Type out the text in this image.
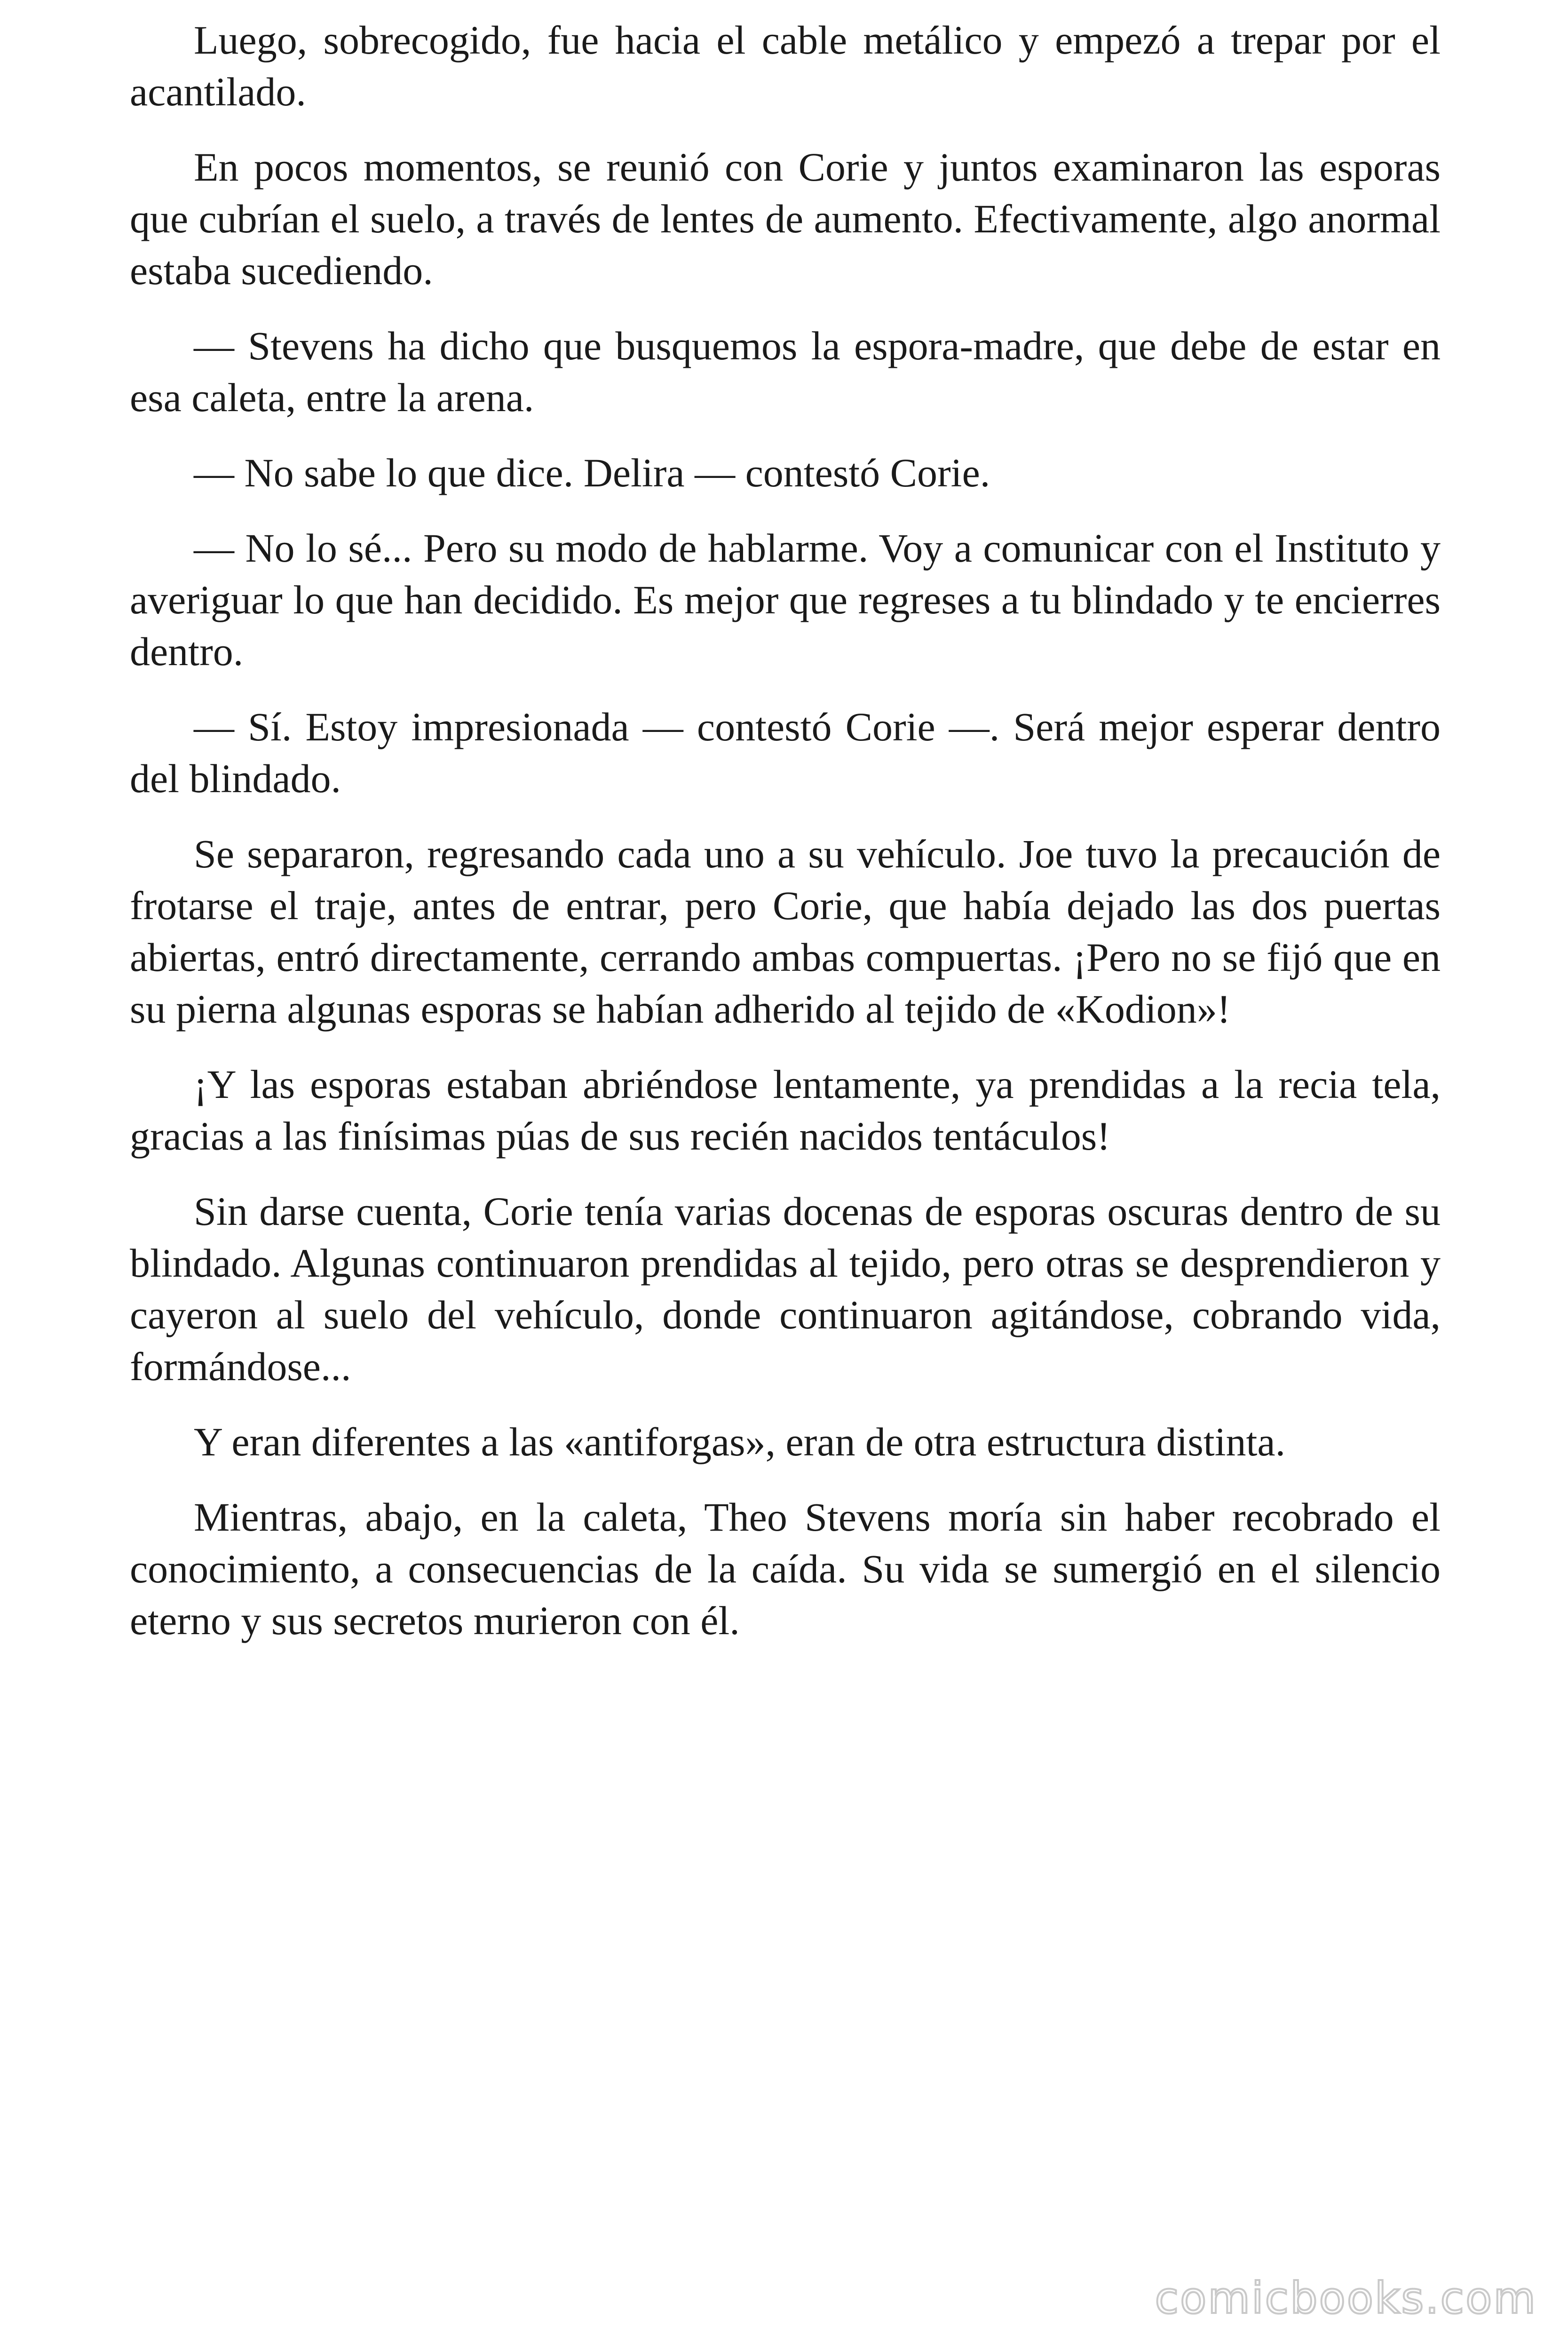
Luego, sobrecogido, fue hacia el cable metálico y empezó a trepar por el acantilado.

En pocos momentos, se reunió con Corie y juntos examinaron las esporas que cubrían el suelo, a través de lentes de aumento. Efectivamente, algo anormal estaba sucediendo.

— Stevens ha dicho que busquemos la espora-madre, que debe de estar en esa caleta, entre la arena.

— No sabe lo que dice. Delira — contestó Corie.

— No lo sé... Pero su modo de hablarme. Voy a comunicar con el Instituto y averiguar lo que han decidido. Es mejor que regreses a tu blindado y te encierres dentro.

— Sí. Estoy impresionada — contestó Corie —. Será mejor esperar dentro del blindado.

Se separaron, regresando cada uno a su vehículo. Joe tuvo la precaución de frotarse el traje, antes de entrar, pero Corie, que había dejado las dos puertas abiertas, entró directamente, cerrando ambas compuertas. ¡Pero no se fijó que en su pierna algunas esporas se habían adherido al tejido de «Kodion»!

¡Y las esporas estaban abriéndose lentamente, ya prendidas a la recia tela, gracias a las finísimas púas de sus recién nacidos tentáculos!

Sin darse cuenta, Corie tenía varias docenas de esporas oscuras dentro de su blindado. Algunas continuaron prendidas al tejido, pero otras se desprendieron y cayeron al suelo del vehículo, donde continuaron agitándose, cobrando vida, formándose...

Y eran diferentes a las «antiforgas», eran de otra estructura distinta.

Mientras, abajo, en la caleta, Theo Stevens moría sin haber recobrado el conocimiento, a consecuencias de la caída. Su vida se sumergió en el silencio eterno y sus secretos murieron con él.

comicbooks.com
